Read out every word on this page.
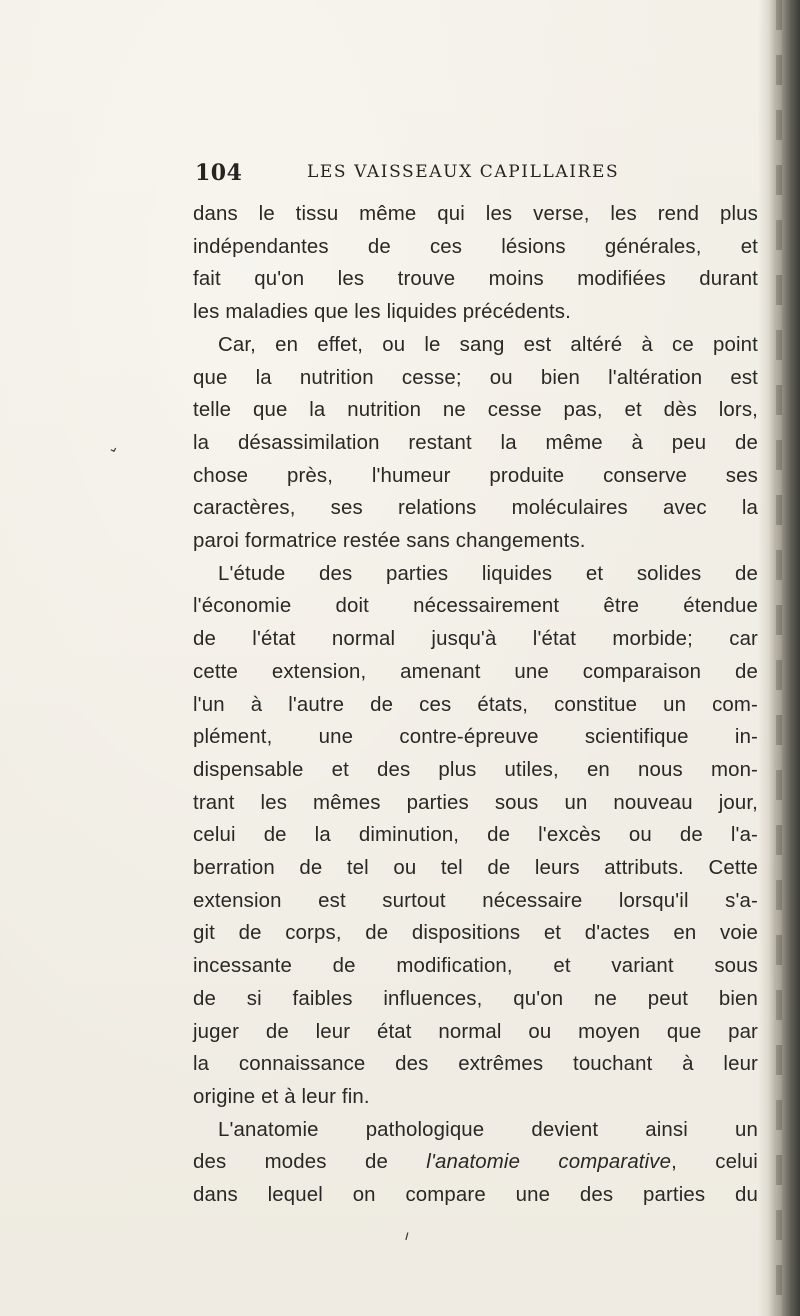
104	LES VAISSEAUX CAPILLAIRES
dans le tissu même qui les verse, les rend plus
indépendantes de ces lésions générales, et
fait qu'on les trouve moins modifiées durant
les maladies que les liquides précédents.
Car, en effet, ou le sang est altéré à ce point
que la nutrition cesse; ou bien l'altération est
telle que la nutrition ne cesse pas, et dès lors,
la désassimilation restant la même à peu de
chose près, l'humeur produite conserve ses
caractères, ses relations moléculaires avec la
paroi formatrice restée sans changements.
L'étude des parties liquides et solides de
l'économie doit nécessairement être étendue
de l'état normal jusqu'à l'état morbide; car
cette extension, amenant une comparaison de
l'un à l'autre de ces états, constitue un com-
plément, une contre-épreuve scientifique in-
dispensable et des plus utiles, en nous mon-
trant les mêmes parties sous un nouveau jour,
celui de la diminution, de l'excès ou de l'a-
berration de tel ou tel de leurs attributs. Cette
extension est surtout nécessaire lorsqu'il s'a-
git de corps, de dispositions et d'actes en voie
incessante de modification, et variant sous
de si faibles influences, qu'on ne peut bien
juger de leur état normal ou moyen que par
la connaissance des extrêmes touchant à leur
origine et à leur fin.
L'anatomie pathologique devient ainsi un
des modes de l'anatomie comparative, celui
dans lequel on compare une des parties du
⌄
ı
